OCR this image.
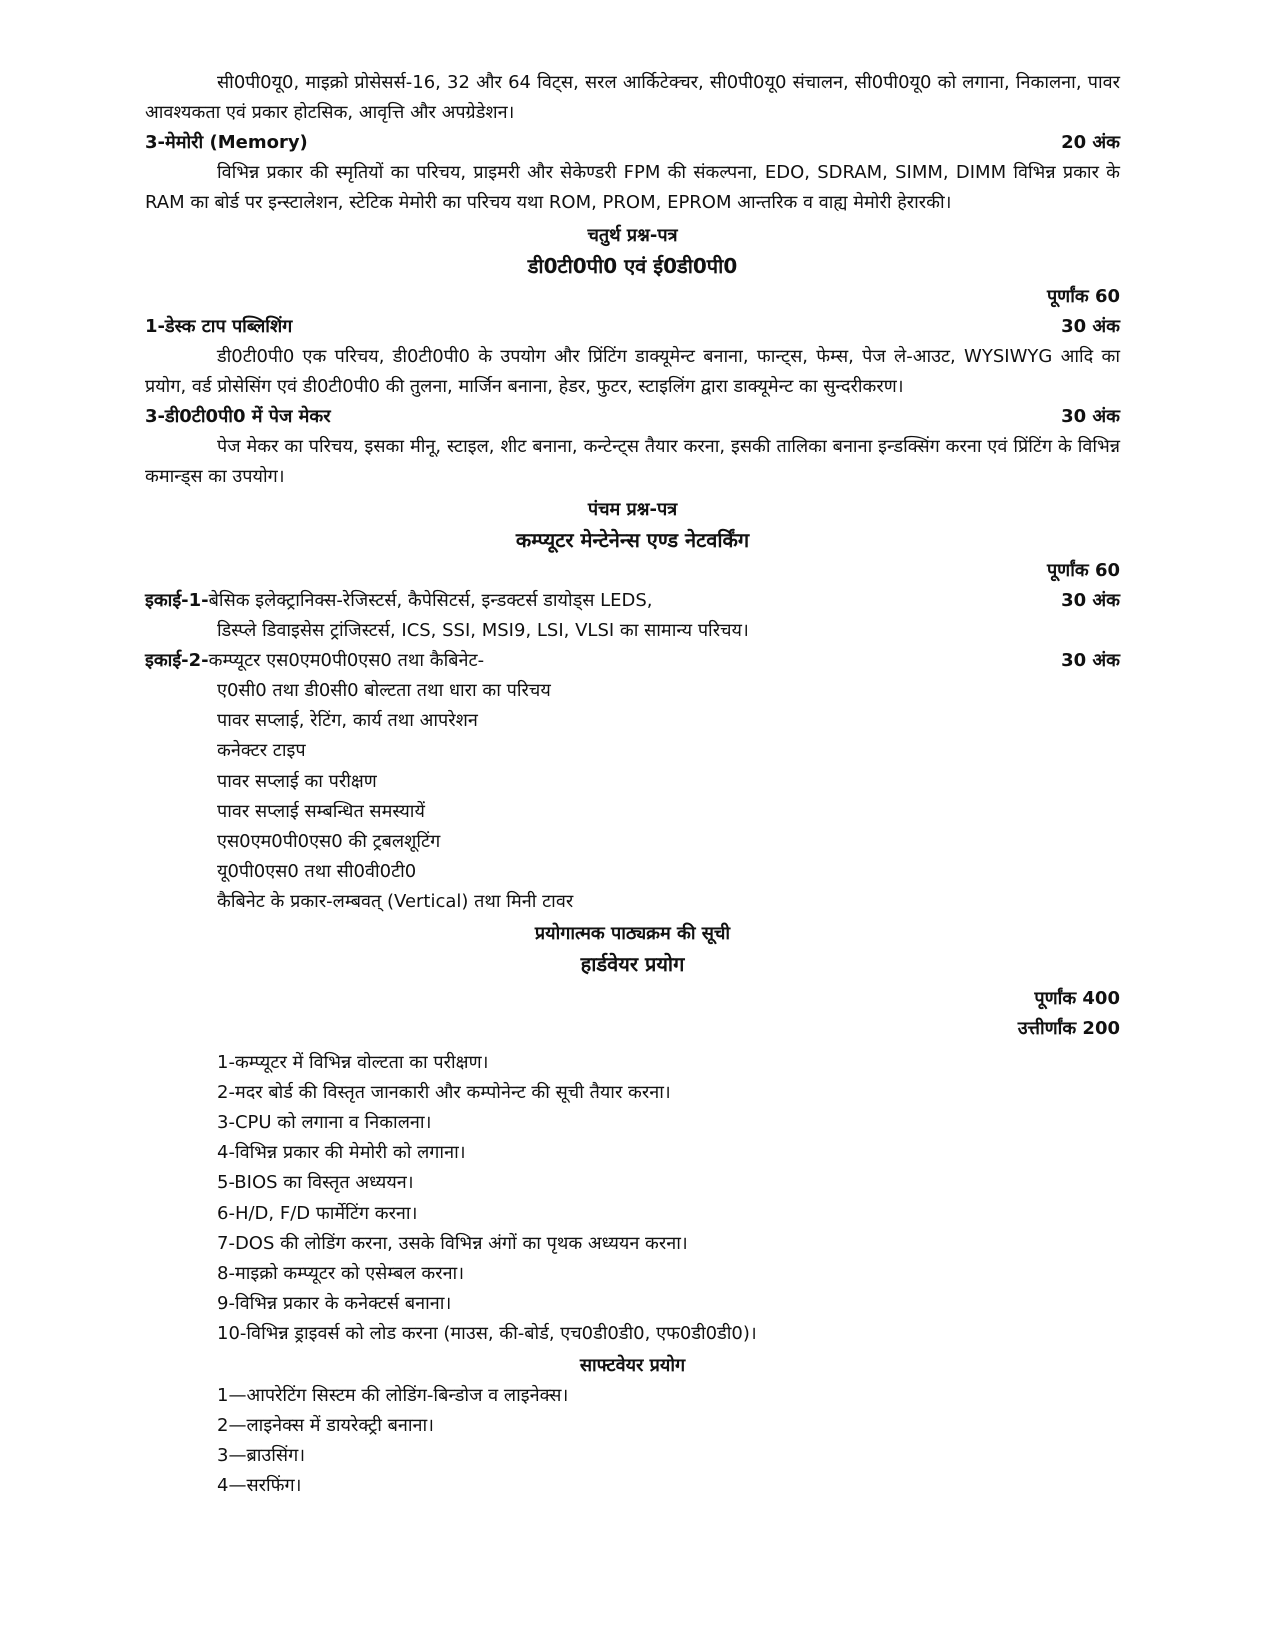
सी0पी0यू0, माइक्रो प्रोसेसर्स-16, 32 और 64 विट्स, सरल आर्किटेक्चर, सी0पी0यू0 संचालन, सी0पी0यू0 को लगाना, निकालना, पावर आवश्यकता एवं प्रकार होटसिक, आवृत्ति और अपग्रेडेशन।
3-मेमोरी (Memory)	20 अंक
विभिन्न प्रकार की स्मृतियों का परिचय, प्राइमरी और सेकेण्डरी FPM की संकल्पना, EDO, SDRAM, SIMM, DIMM विभिन्न प्रकार के RAM का बोर्ड पर इन्स्टालेशन, स्टेटिक मेमोरी का परिचय यथा ROM, PROM, EPROM आन्तरिक व वाह्य मेमोरी हेरारकी।
चतुर्थ प्रश्न-पत्र
डी0टी0पी0 एवं ई0डी0पी0
पूर्णांक 60
1-डेस्क टाप पब्लिशिंग	30 अंक
डी0टी0पी0 एक परिचय, डी0टी0पी0 के उपयोग और प्रिंटिंग डाक्यूमेन्ट बनाना, फान्ट्स, फेम्स, पेज ले-आउट, WYSIWYG आदि का प्रयोग, वर्ड प्रोसेसिंग एवं डी0टी0पी0 की तुलना, मार्जिन बनाना, हेडर, फुटर, स्टाइलिंग द्वारा डाक्यूमेन्ट का सुन्दरीकरण।
3-डी0टी0पी0 में पेज मेकर	30 अंक
पेज मेकर का परिचय, इसका मीनू, स्टाइल, शीट बनाना, कन्टेन्ट्स तैयार करना, इसकी तालिका बनाना इन्डक्सिंग करना एवं प्रिंटिंग के विभिन्न कमान्ड्स का उपयोग।
पंचम प्रश्न-पत्र
कम्प्यूटर मेन्टेनेन्स एण्ड नेटवर्किंग
पूर्णांक 60
इकाई-1-बेसिक इलेक्ट्रानिक्स-रेजिस्टर्स, कैपेसिटर्स, इन्डक्टर्स डायोड्स LEDS,	30 अंक
डिस्प्ले डिवाइसेस ट्रांजिस्टर्स, ICS, SSI, MSI9, LSI, VLSI का सामान्य परिचय।
इकाई-2-कम्प्यूटर एस0एम0पी0एस0 तथा कैबिनेट-	30 अंक
ए0सी0 तथा डी0सी0 बोल्टता तथा धारा का परिचय
पावर सप्लाई, रेटिंग, कार्य तथा आपरेशन
कनेक्टर टाइप
पावर सप्लाई का परीक्षण
पावर सप्लाई सम्बन्धित समस्यायें
एस0एम0पी0एस0 की ट्रबलशूटिंग
यू0पी0एस0 तथा सी0वी0टी0
कैबिनेट के प्रकार-लम्बवत् (Vertical) तथा मिनी टावर
प्रयोगात्मक पाठ्यक्रम की सूची
हार्डवेयर प्रयोग
पूर्णांक 400
उत्तीर्णांक 200
1-कम्प्यूटर में विभिन्न वोल्टता का परीक्षण।
2-मदर बोर्ड की विस्तृत जानकारी और कम्पोनेन्ट की सूची तैयार करना।
3-CPU को लगाना व निकालना।
4-विभिन्न प्रकार की मेमोरी को लगाना।
5-BIOS का विस्तृत अध्ययन।
6-H/D, F/D फार्मेटिंग करना।
7-DOS की लोडिंग करना, उसके विभिन्न अंगों का पृथक अध्ययन करना।
8-माइक्रो कम्प्यूटर को एसेम्बल करना।
9-विभिन्न प्रकार के कनेक्टर्स बनाना।
10-विभिन्न ड्राइवर्स को लोड करना (माउस, की-बोर्ड, एच0डी0डी0, एफ0डी0डी0)।
साफ्टवेयर प्रयोग
1—आपरेटिंग सिस्टम की लोडिंग-बिन्डोज व लाइनेक्स।
2—लाइनेक्स में डायरेक्ट्री बनाना।
3—ब्राउसिंग।
4—सरफिंग।
